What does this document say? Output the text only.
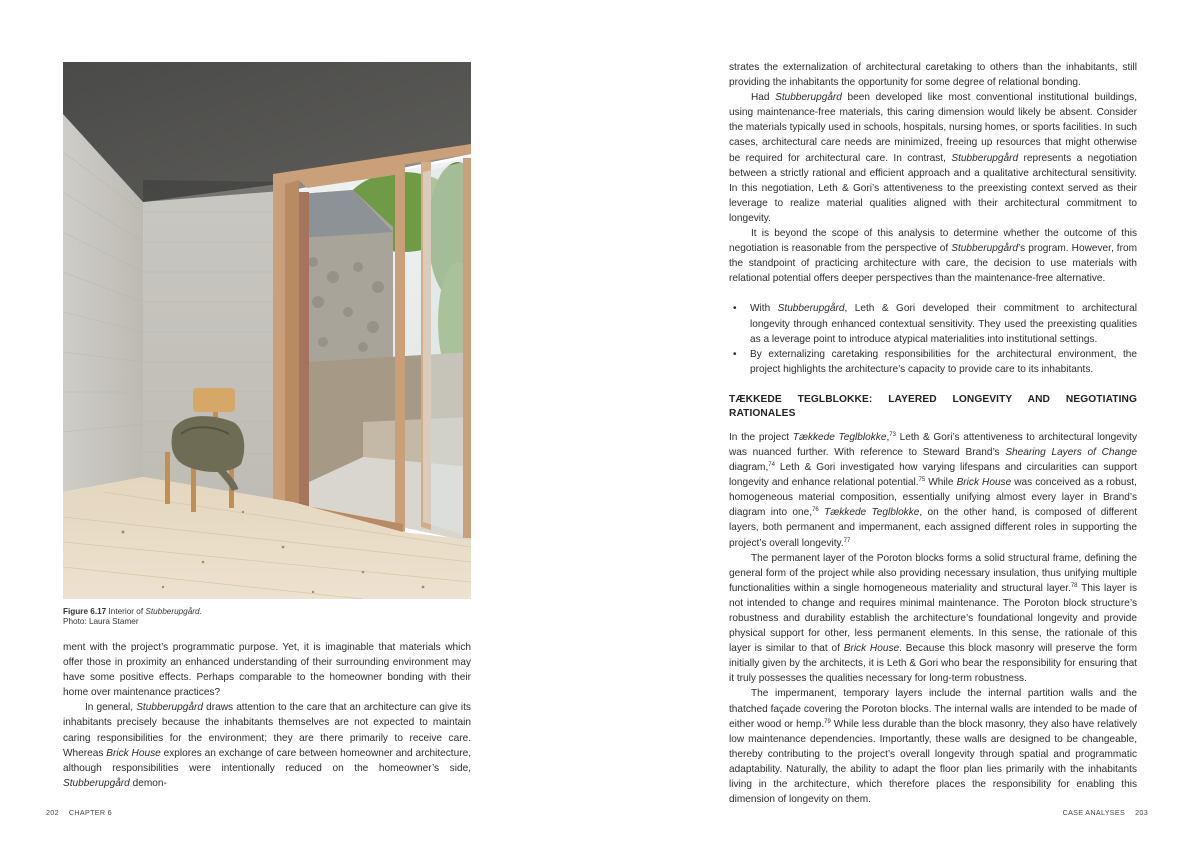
Figure 6.17 Interior of Stubberupgård.
Photo: Laura Stamer

ment with the project’s programmatic purpose. Yet, it is imaginable that materials which offer those in proximity an enhanced understanding of their surrounding environment may have some positive effects. Perhaps comparable to the homeowner bonding with their home over maintenance practices?

In general, Stubberupgård draws attention to the care that an architecture can give its inhabitants precisely because the inhabitants themselves are not expected to maintain caring responsibilities for the environment; they are there primarily to receive care. Whereas Brick House explores an exchange of care between homeowner and architecture, although responsibilities were intentionally reduced on the homeowner’s side, Stubberupgård demon-

202 CHAPTER 6

strates the externalization of architectural caretaking to others than the inhabitants, still providing the inhabitants the opportunity for some degree of relational bonding.

Had Stubberupgård been developed like most conventional institutional buildings, using maintenance-free materials, this caring dimension would likely be absent. Consider the materials typically used in schools, hospitals, nursing homes, or sports facilities. In such cases, architectural care needs are minimized, freeing up resources that might otherwise be required for architectural care. In contrast, Stubberupgård represents a negotiation between a strictly rational and efficient approach and a qualitative architectural sensitivity. In this negotiation, Leth & Gori’s attentiveness to the preexisting context served as their leverage to realize material qualities aligned with their architectural commitment to longevity.

It is beyond the scope of this analysis to determine whether the outcome of this negotiation is reasonable from the perspective of Stubberupgård’s program. However, from the standpoint of practicing architecture with care, the decision to use materials with relational potential offers deeper perspectives than the maintenance-free alternative.

• With Stubberupgård, Leth & Gori developed their commitment to architectural longevity through enhanced contextual sensitivity. They used the preexisting qualities as a leverage point to introduce atypical materialities into institutional settings.
• By externalizing caretaking responsibilities for the architectural environment, the project highlights the architecture’s capacity to provide care to its inhabitants.
TÆKKEDE TEGLBLOKKE: LAYERED LONGEVITY AND NEGOTIATING RATIONALES

In the project Tækkede Teglblokke,$^{73}$ Leth & Gori’s attentiveness to architectural longevity was nuanced further. With reference to Steward Brand’s Shearing Layers of Change diagram,$^{74}$ Leth & Gori investigated how varying lifespans and circularities can support longevity and enhance relational potential.$^{75}$ While Brick House was conceived as a robust, homogeneous material composition, essentially unifying almost every layer in Brand’s diagram into one,$^{76}$ Tækkede Teglblokke, on the other hand, is composed of different layers, both permanent and impermanent, each assigned different roles in supporting the project’s overall longevity.$^{77}$

The permanent layer of the Poroton blocks forms a solid structural frame, defining the general form of the project while also providing necessary insulation, thus unifying multiple functionalities within a single homogeneous materiality and structural layer.$^{78}$ This layer is not intended to change and requires minimal maintenance. The Poroton block structure’s robustness and durability establish the architecture’s foundational longevity and provide physical support for other, less permanent elements. In this sense, the rationale of this layer is similar to that of Brick House. Because this block masonry will preserve the form initially given by the architects, it is Leth & Gori who bear the responsibility for ensuring that it truly possesses the qualities necessary for long-term robustness.

The impermanent, temporary layers include the internal partition walls and the thatched façade covering the Poroton blocks. The internal walls are intended to be made of either wood or hemp.$^{79}$ While less durable than the block masonry, they also have relatively low maintenance dependencies. Importantly, these walls are designed to be changeable, thereby contributing to the project’s overall longevity through spatial and programmatic adaptability. Naturally, the ability to adapt the floor plan lies primarily with the inhabitants living in the architecture, which therefore places the responsibility for enabling this dimension of longevity on them.

CASE ANALYSES 203
